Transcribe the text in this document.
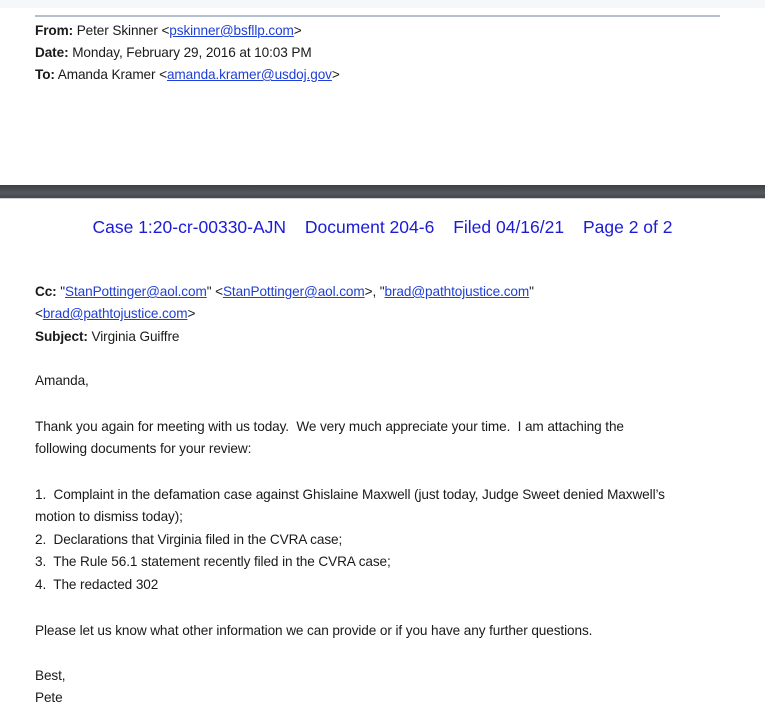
From: Peter Skinner <pskinner@bsfllp.com>
Date: Monday, February 29, 2016 at 10:03 PM
To: Amanda Kramer <amanda.kramer@usdoj.gov>
Case 1:20-cr-00330-AJN Document 204-6 Filed 04/16/21 Page 2 of 2
Cc: "StanPottinger@aol.com" <StanPottinger@aol.com>, "brad@pathtojustice.com"
<brad@pathtojustice.com>
Subject: Virginia Guiffre
Amanda,
Thank you again for meeting with us today.  We very much appreciate your time.  I am attaching the
following documents for your review:
1.  Complaint in the defamation case against Ghislaine Maxwell (just today, Judge Sweet denied Maxwell’s
motion to dismiss today);
2.  Declarations that Virginia filed in the CVRA case;
3.  The Rule 56.1 statement recently filed in the CVRA case;
4.  The redacted 302
Please let us know what other information we can provide or if you have any further questions.
Best,
Pete
